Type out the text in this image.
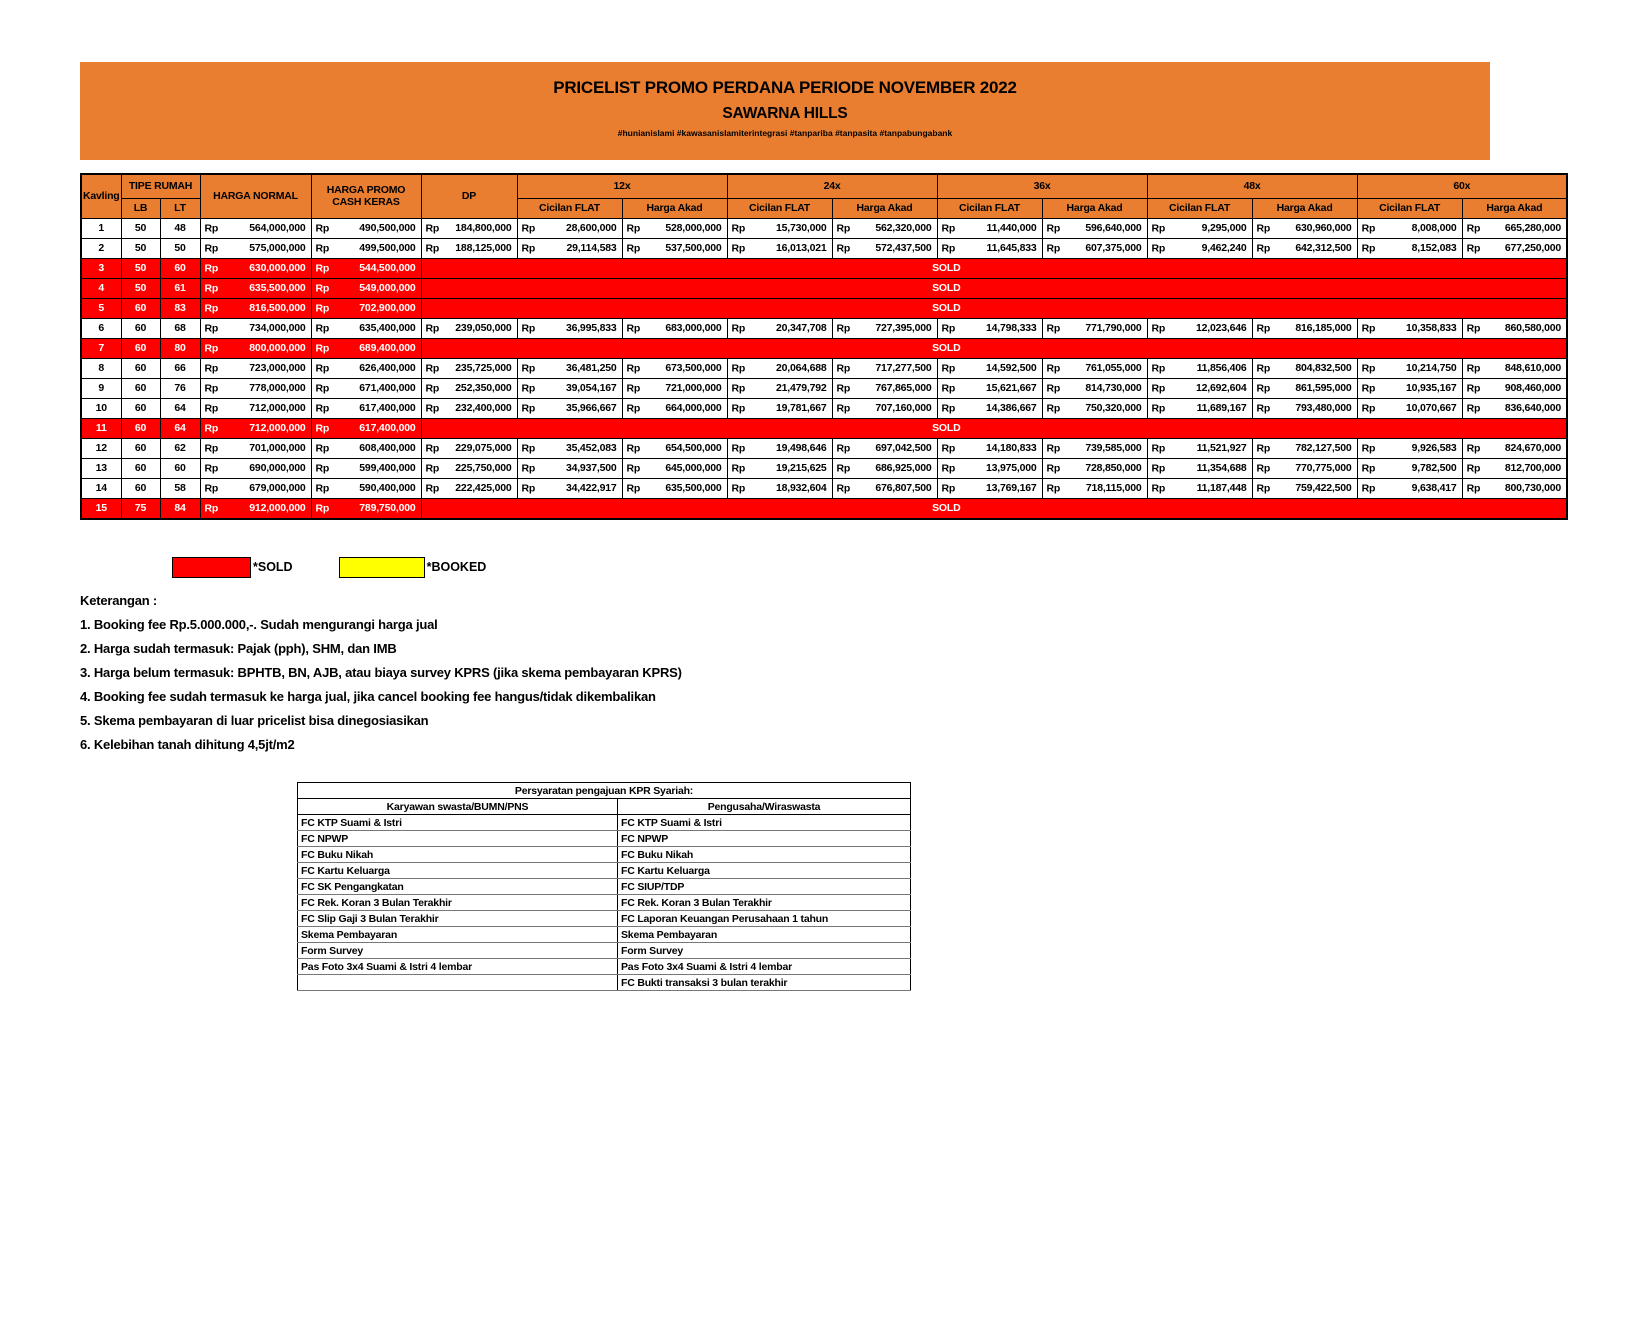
PRICELIST PROMO PERDANA PERIODE NOVEMBER 2022
SAWARNA HILLS
#hunianislami #kawasanislamiterintegrasi #tanpariba #tanpasita #tanpabungabank
Kavling	TIPE RUMAH		HARGA NORMAL	HARGA PROMO CASH KERAS	DP	12x		24x		36x		48x		60x	
	LB	LT				Cicilan FLAT	Harga Akad	Cicilan FLAT	Harga Akad	Cicilan FLAT	Harga Akad	Cicilan FLAT	Harga Akad	Cicilan FLAT	Harga Akad
1	50	48	Rp 564,000,000	Rp 490,500,000	Rp 184,800,000	Rp 28,600,000	Rp 528,000,000	Rp 15,730,000	Rp 562,320,000	Rp 11,440,000	Rp 596,640,000	Rp 9,295,000	Rp 630,960,000	Rp 8,008,000	Rp 665,280,000
2	50	50	Rp 575,000,000	Rp 499,500,000	Rp 188,125,000	Rp 29,114,583	Rp 537,500,000	Rp 16,013,021	Rp 572,437,500	Rp 11,645,833	Rp 607,375,000	Rp 9,462,240	Rp 642,312,500	Rp 8,152,083	Rp 677,250,000
3	50	60	Rp 630,000,000	Rp 544,500,000	SOLD										
4	50	61	Rp 635,500,000	Rp 549,000,000	SOLD										
5	60	83	Rp 816,500,000	Rp 702,900,000	SOLD										
6	60	68	Rp 734,000,000	Rp 635,400,000	Rp 239,050,000	Rp 36,995,833	Rp 683,000,000	Rp 20,347,708	Rp 727,395,000	Rp 14,798,333	Rp 771,790,000	Rp 12,023,646	Rp 816,185,000	Rp 10,358,833	Rp 860,580,000
7	60	80	Rp 800,000,000	Rp 689,400,000	SOLD										
8	60	66	Rp 723,000,000	Rp 626,400,000	Rp 235,725,000	Rp 36,481,250	Rp 673,500,000	Rp 20,064,688	Rp 717,277,500	Rp 14,592,500	Rp 761,055,000	Rp 11,856,406	Rp 804,832,500	Rp 10,214,750	Rp 848,610,000
9	60	76	Rp 778,000,000	Rp 671,400,000	Rp 252,350,000	Rp 39,054,167	Rp 721,000,000	Rp 21,479,792	Rp 767,865,000	Rp 15,621,667	Rp 814,730,000	Rp 12,692,604	Rp 861,595,000	Rp 10,935,167	Rp 908,460,000
10	60	64	Rp 712,000,000	Rp 617,400,000	Rp 232,400,000	Rp 35,966,667	Rp 664,000,000	Rp 19,781,667	Rp 707,160,000	Rp 14,386,667	Rp 750,320,000	Rp 11,689,167	Rp 793,480,000	Rp 10,070,667	Rp 836,640,000
11	60	64	Rp 712,000,000	Rp 617,400,000	SOLD										
12	60	62	Rp 701,000,000	Rp 608,400,000	Rp 229,075,000	Rp 35,452,083	Rp 654,500,000	Rp 19,498,646	Rp 697,042,500	Rp 14,180,833	Rp 739,585,000	Rp 11,521,927	Rp 782,127,500	Rp 9,926,583	Rp 824,670,000
13	60	60	Rp 690,000,000	Rp 599,400,000	Rp 225,750,000	Rp 34,937,500	Rp 645,000,000	Rp 19,215,625	Rp 686,925,000	Rp 13,975,000	Rp 728,850,000	Rp 11,354,688	Rp 770,775,000	Rp 9,782,500	Rp 812,700,000
14	60	58	Rp 679,000,000	Rp 590,400,000	Rp 222,425,000	Rp 34,422,917	Rp 635,500,000	Rp 18,932,604	Rp 676,807,500	Rp 13,769,167	Rp 718,115,000	Rp 11,187,448	Rp 759,422,500	Rp 9,638,417	Rp 800,730,000
15	75	84	Rp 912,000,000	Rp 789,750,000	SOLD										
*SOLD	*BOOKED
Keterangan :
1. Booking fee Rp.5.000.000,-. Sudah mengurangi harga jual
2. Harga sudah termasuk: Pajak (pph), SHM, dan IMB
3. Harga belum termasuk: BPHTB, BN, AJB, atau biaya survey KPRS (jika skema pembayaran KPRS)
4. Booking fee sudah termasuk ke harga jual, jika cancel booking fee hangus/tidak dikembalikan
5. Skema pembayaran di luar pricelist bisa dinegosiasikan
6. Kelebihan tanah dihitung 4,5jt/m2
Persyaratan pengajuan KPR Syariah:	
Karyawan swasta/BUMN/PNS	Pengusaha/Wiraswasta
FC KTP Suami & Istri	FC KTP Suami & Istri
FC NPWP	FC NPWP
FC Buku Nikah	FC Buku Nikah
FC Kartu Keluarga	FC Kartu Keluarga
FC SK Pengangkatan	FC SIUP/TDP
FC Rek. Koran 3 Bulan Terakhir	FC Rek. Koran 3 Bulan Terakhir
FC Slip Gaji 3 Bulan Terakhir	FC Laporan Keuangan Perusahaan 1 tahun
Skema Pembayaran	Skema Pembayaran
Form Survey	Form Survey
Pas Foto 3x4 Suami & Istri 4 lembar	Pas Foto 3x4 Suami & Istri 4 lembar
	FC Bukti transaksi 3 bulan terakhir
